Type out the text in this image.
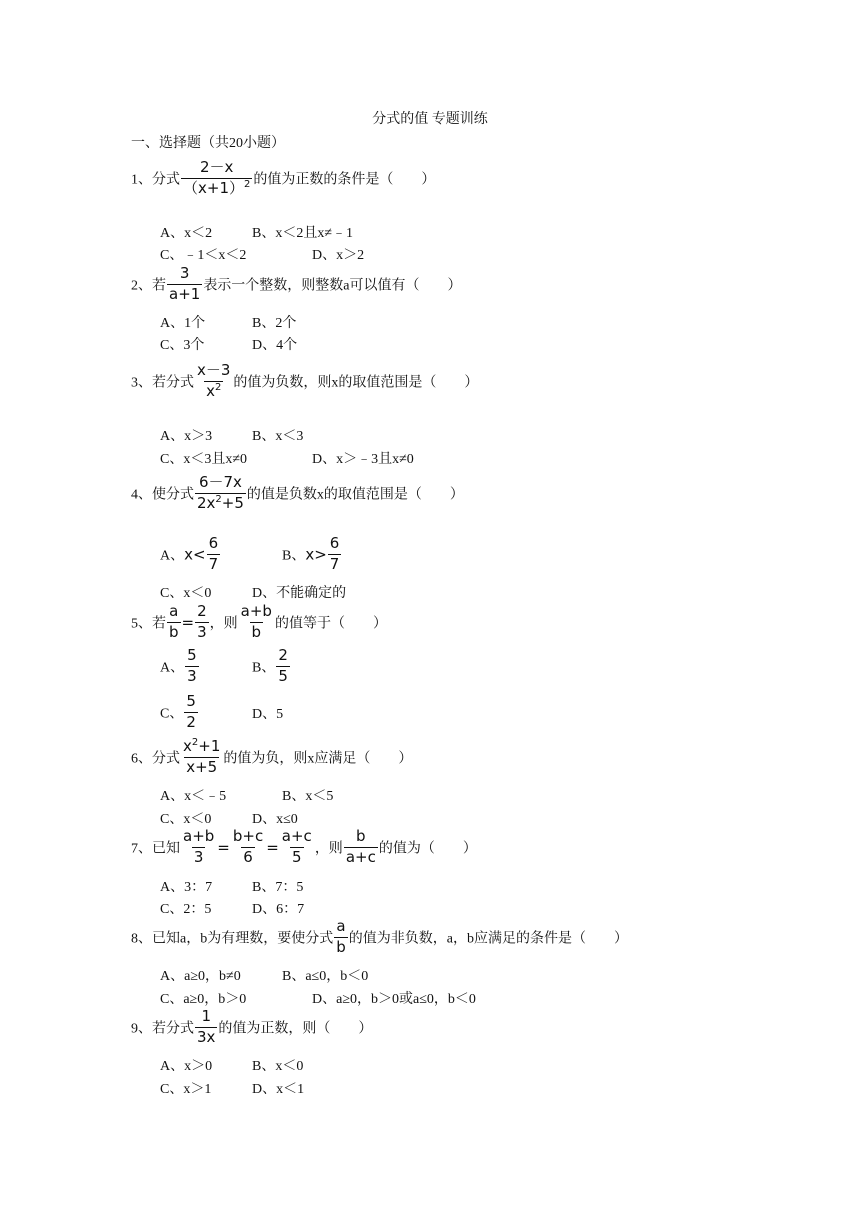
分式的值 专题训练
一、选择题（共20小题）
1、分式 $\frac{2-x}{(x+1)^2}$ 的值为正数的条件是（　　）
A、x＜2	B、x＜2且x≠﹣1
C、﹣1＜x＜2	D、x＞2
2、若 $\frac{3}{a+1}$ 表示一个整数，则整数a可以值有（　　）
A、1个	B、2个
C、3个	D、4个
3、若分式 $\frac{x-3}{x^2}$ 的值为负数，则x的取值范围是（　　）
A、x＞3	B、x＜3
C、x＜3且x≠0	D、x＞﹣3且x≠0
4、使分式 $\frac{6-7x}{2x^2+5}$ 的值是负数x的取值范围是（　　）
A、$x< \frac{6}{7}$	B、$x> \frac{6}{7}$
C、x＜0	D、不能确定的
5、若 $\frac{a}{b} = \frac{2}{3}$ ，则 $\frac{a+b}{b}$ 的值等于（　　）
A、 $\frac{5}{3}$	B、 $\frac{2}{5}$
C、 $\frac{5}{2}$	D、5
6、分式 $\frac{x^2+1}{x+5}$ 的值为负，则x应满足（　　）
A、x＜﹣5	B、x＜5
C、x＜0	D、x≤0
7、已知 $\frac{a+b}{3} = \frac{b+c}{6} = \frac{a+c}{5}$ ，则 $\frac{b}{a+c}$ 的值为（　　）
A、3：7	B、7：5
C、2：5	D、6：7
8、已知a，b为有理数，要使分式 $\frac{a}{b}$ 的值为非负数，a，b应满足的条件是（　　）
A、a≥0，b≠0	B、a≤0，b＜0
C、a≥0，b＞0	D、a≥0，b＞0或a≤0，b＜0
9、若分式 $\frac{1}{3x}$ 的值为正数，则（　　）
A、x＞0	B、x＜0
C、x＞1	D、x＜1
